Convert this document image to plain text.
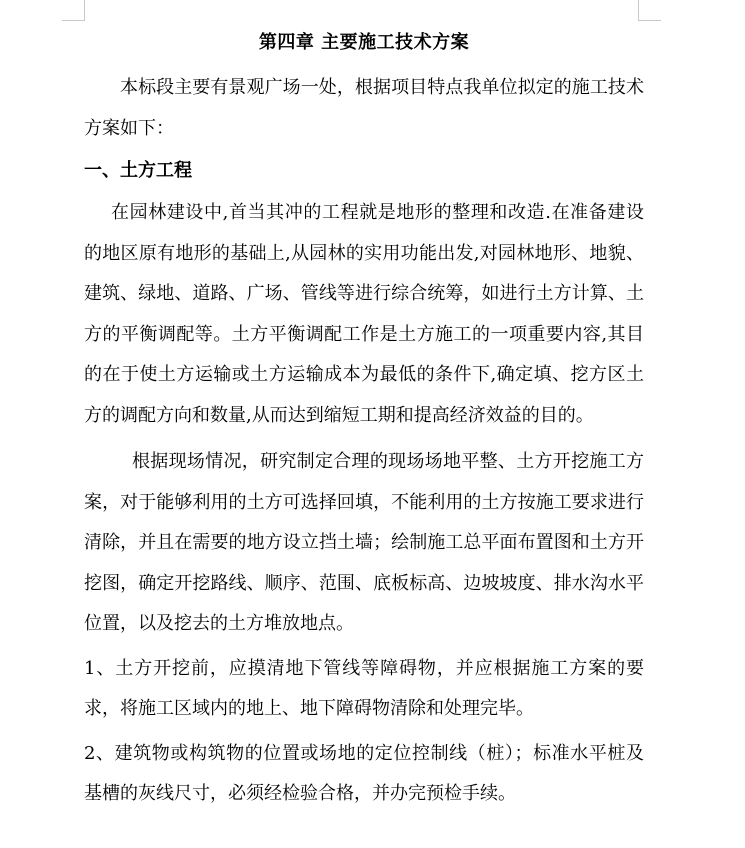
第四章 主要施工技术方案

本标段主要有景观广场一处，根据项目特点我单位拟定的施工技术方案如下：

一、土方工程

在园林建设中,首当其冲的工程就是地形的整理和改造.在准备建设的地区原有地形的基础上,从园林的实用功能出发,对园林地形、地貌、建筑、绿地、道路、广场、管线等进行综合统筹，如进行土方计算、土方的平衡调配等。土方平衡调配工作是土方施工的一项重要内容,其目的在于使土方运输或土方运输成本为最低的条件下,确定填、挖方区土方的调配方向和数量,从而达到缩短工期和提高经济效益的目的。

根据现场情况，研究制定合理的现场场地平整、土方开挖施工方案，对于能够利用的土方可选择回填，不能利用的土方按施工要求进行清除，并且在需要的地方设立挡土墙；绘制施工总平面布置图和土方开挖图，确定开挖路线、顺序、范围、底板标高、边坡坡度、排水沟水平位置，以及挖去的土方堆放地点。

1、土方开挖前，应摸清地下管线等障碍物，并应根据施工方案的要求，将施工区域内的地上、地下障碍物清除和处理完毕。

2、建筑物或构筑物的位置或场地的定位控制线（桩）；标准水平桩及基槽的灰线尺寸，必须经检验合格，并办完预检手续。
